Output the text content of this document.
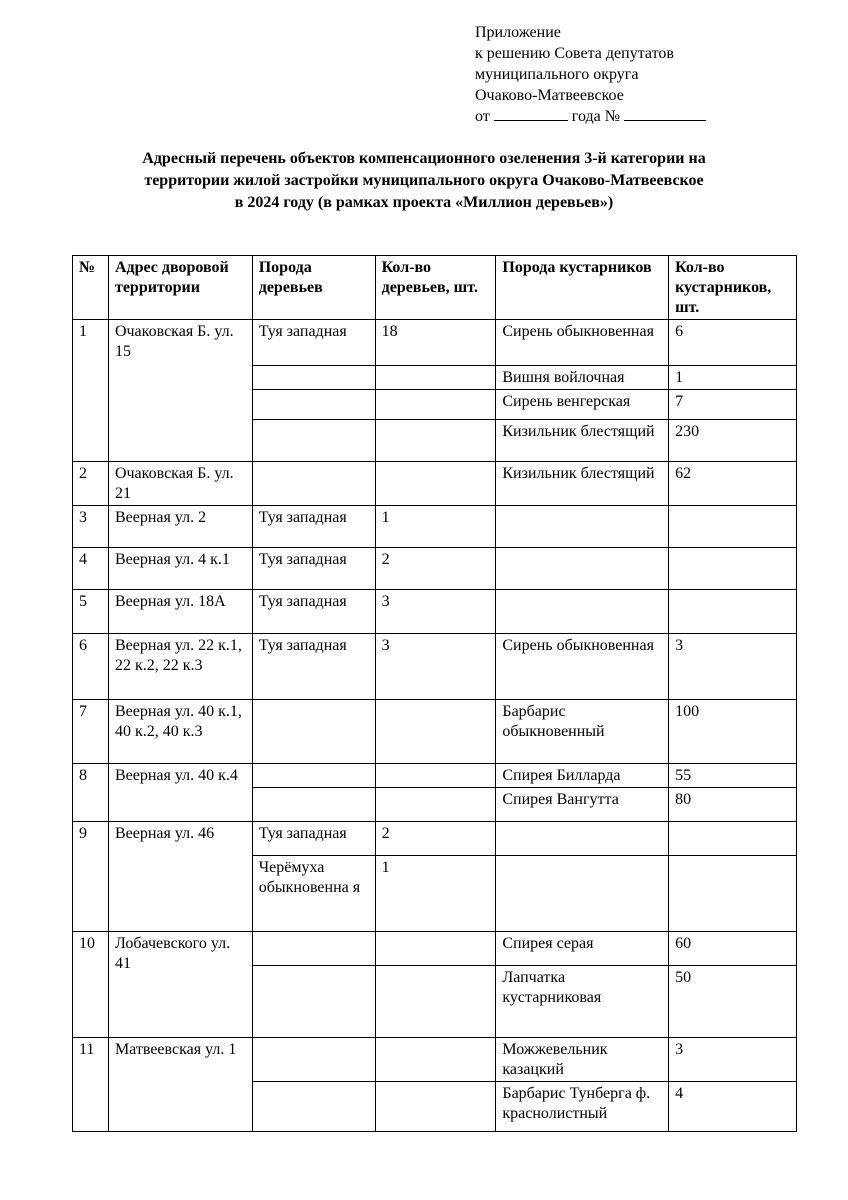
Приложение
к решению Совета депутатов
муниципального округа
Очаково-Матвеевское
от	года №
Адресный перечень объектов компенсационного озеленения 3-й категории на
территории жилой застройки муниципального округа Очаково-Матвеевское
в 2024 году (в рамках проекта «Миллион деревьев»)
№	Адрес дворовой территории	Порода деревьев	Кол-во деревьев, шт.	Порода кустарников	Кол-во кустарников, шт.
1	Очаковская Б. ул. 15	Туя западная	18	Сирень обыкновенная	6
				Вишня войлочная	1
				Сирень венгерская	7
				Кизильник блестящий	230
2	Очаковская Б. ул. 21			Кизильник блестящий	62
3	Веерная ул. 2	Туя западная	1		
4	Веерная ул. 4 к.1	Туя западная	2		
5	Веерная ул. 18А	Туя западная	3		
6	Веерная ул. 22 к.1, 22 к.2, 22 к.3	Туя западная	3	Сирень обыкновенная	3
7	Веерная ул. 40 к.1, 40 к.2, 40 к.3			Барбарис обыкновенный	100
8	Веерная ул. 40 к.4			Спирея Билларда	55
				Спирея Вангутта	80
9	Веерная ул. 46	Туя западная	2		
		Черёмуха обыкновенна я	1		
10	Лобачевского ул. 41			Спирея серая	60
				Лапчатка кустарниковая	50
11	Матвеевская ул. 1			Можжевельник казацкий	3
				Барбарис Тунберга ф. краснолистный	4
